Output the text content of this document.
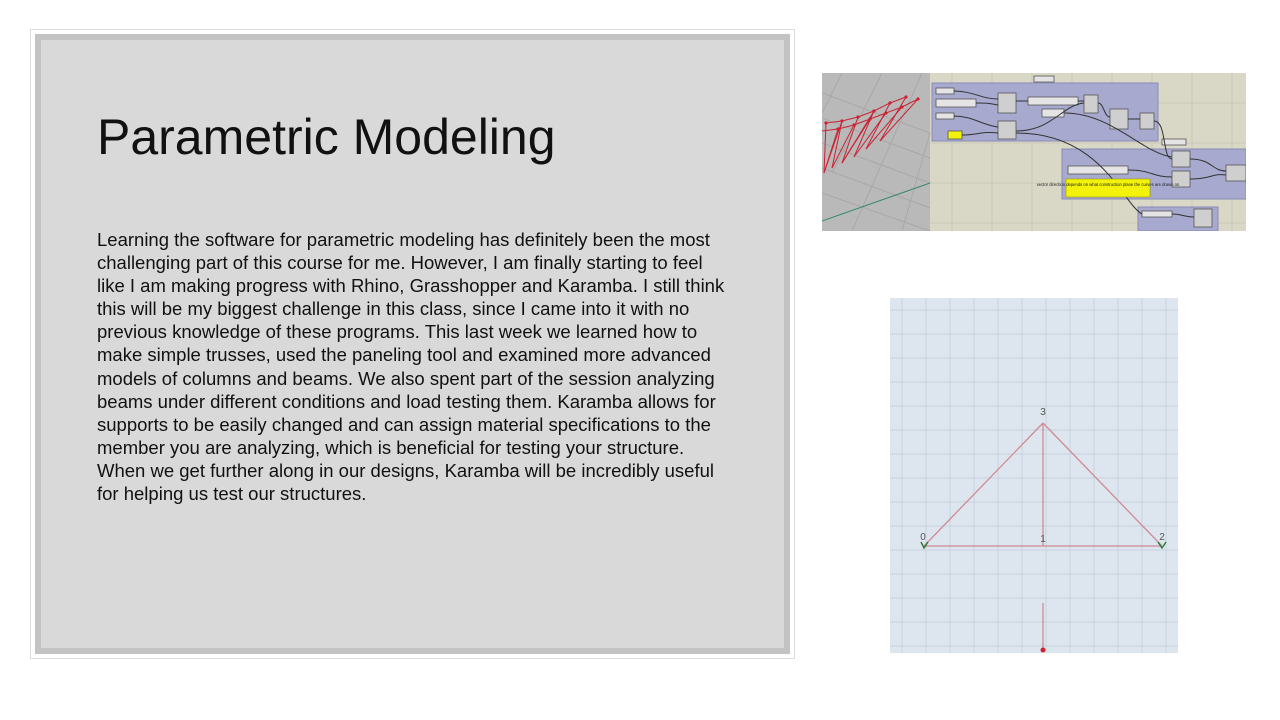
Parametric Modeling

Learning the software for parametric modeling has definitely been the most challenging part of this course for me. However, I am finally starting to feel like I am making progress with Rhino, Grasshopper and Karamba. I still think this will be my biggest challenge in this class, since I came into it with no previous knowledge of these programs. This last week we learned how to make simple trusses, used the paneling tool and examined more advanced models of columns and beams. We also spent part of the session analyzing beams under different conditions and load testing them. Karamba allows for supports to be easily changed and can assign material specifications to the member you are analyzing, which is beneficial for testing your structure. When we get further along in our designs, Karamba will be incredibly useful for helping us test our structures.

vector direction depends on what construction plane the curves are drawn on
0	1	2
3
